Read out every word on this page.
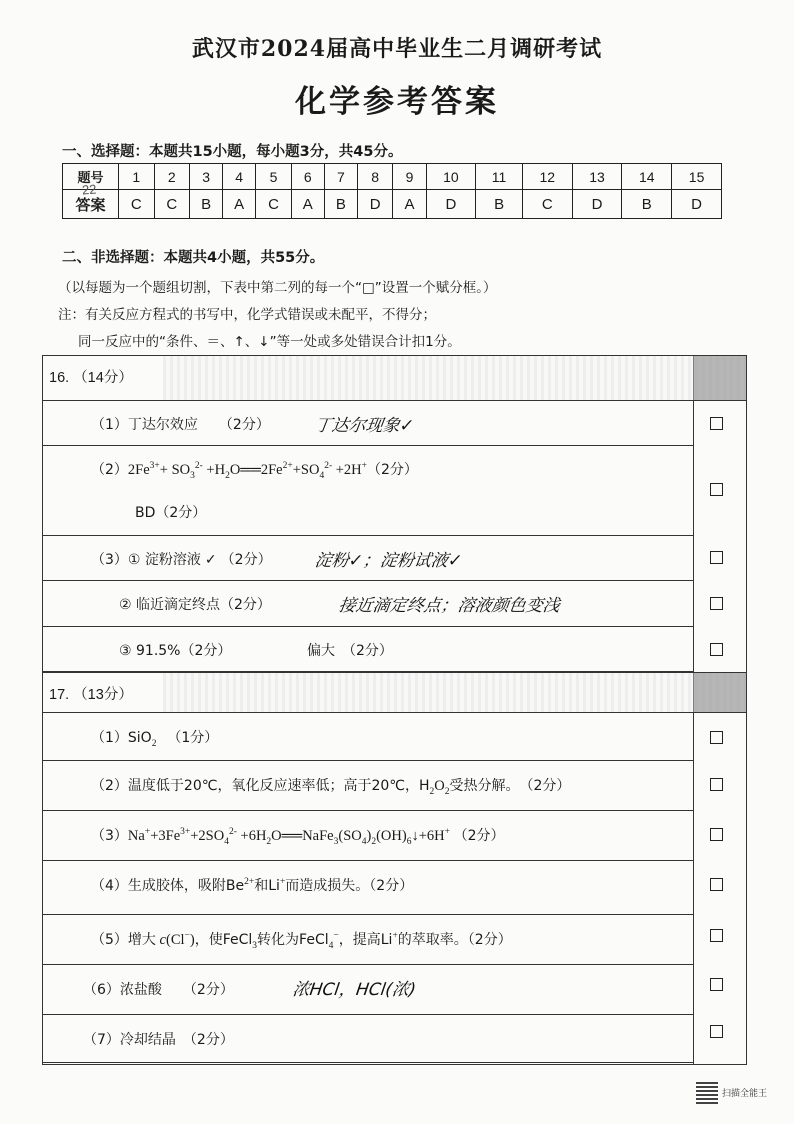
武汉市2024届高中毕业生二月调研考试
化学参考答案
一、选择题：本题共15小题，每小题3分，共45分。
题号	1	2	3	4	5	6	7	8	9	10	11	12	13	14	15
答案	C	C	B	A	C	A	B	D	A	D	B	C	D	B	D
22
二、非选择题：本题共4小题，共55分。
（以每题为一个题组切割，下表中第二列的每一个“□”设置一个赋分框。）
注：有关反应方程式的书写中，化学式错误或未配平，不得分；
同一反应中的“条件、＝、↑、↓”等一处或多处错误合计扣1分。
16. （14分）
（1）丁达尔效应　　（2分）	丁达尔现象✓
$(2)2Fe^{3+}+ SO_3^{2-}$ $+H_2O══2Fe^{2+}+SO_4^{2-} +2H^+(2$分）
BD（2分）
（3）① 淀粉溶液 ✓ （2分） 淀粉✓；淀粉试液✓
② 临近滴定终点（2分）	接近滴定终点；溶液颜色变浅
③ 91.5%（2分）	偏大　（2分）
17. （13分）
（1）SiO$_2$ （1分）
（2）温度低于20℃，氧化反应速率低；高于20℃，$H_2O_2$受热分解。　（2分）
$(3)Na^++3Fe^{3+}+2SO_4^{2-}$ $+6H_2O══NaFe_3(SO_4)_2(OH)_6↓+6H^+$ （2分）
（4）生成胶体，吸附$Be^{2+}$和Li+而造成损失。（2分）
（5）增大 c(Cl−)，使FeCl$_3$转化为FeCl$_4$−，提高Li+的萃取率。（2分）
（6）浓盐酸　　（2分）	浓HCl，HCl(浓)
（7）冷却结晶　（2分）
扫描全能王
